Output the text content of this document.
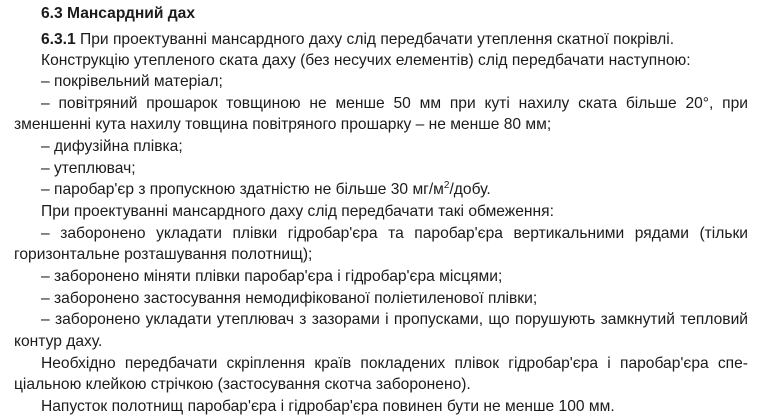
6.3 Мансардний дах
6.3.1 При проектуванні мансардного даху слід передбачати утеплення скатної покрівлі.
Конструкцію утепленого ската даху (без несучих елементів) слід передбачати наступною:
– покрівельний матеріал;
– повітряний прошарок товщиною не менше 50 мм при куті нахилу ската більше 20°, при
зменшенні кута нахилу товщина повітряного прошарку – не менше 80 мм;
– дифузійна плівка;
– утеплювач;
– паробар'єр з пропускною здатністю не більше 30 $мг/м^2$/добу.
При проектуванні мансардного даху слід передбачати такі обмеження:
– заборонено укладати плівки гідробар'єра та паробар'єра вертикальними рядами (тільки
горизонтальне розташування полотнищ);
– заборонено міняти плівки паробар'єра і гідробар'єра місцями;
– заборонено застосування немодифікованої поліетиленової плівки;
– заборонено укладати утеплювач з зазорами і пропусками, що порушують замкнутий тепловий
контур даху.
Необхідно передбачати скріплення країв покладених плівок гідробар'єра і паробар'єра спе-
ціальною клейкою стрічкою (застосування скотча заборонено).
Напусток полотнищ паробар'єра і гідробар'єра повинен бути не менше 100 мм.
